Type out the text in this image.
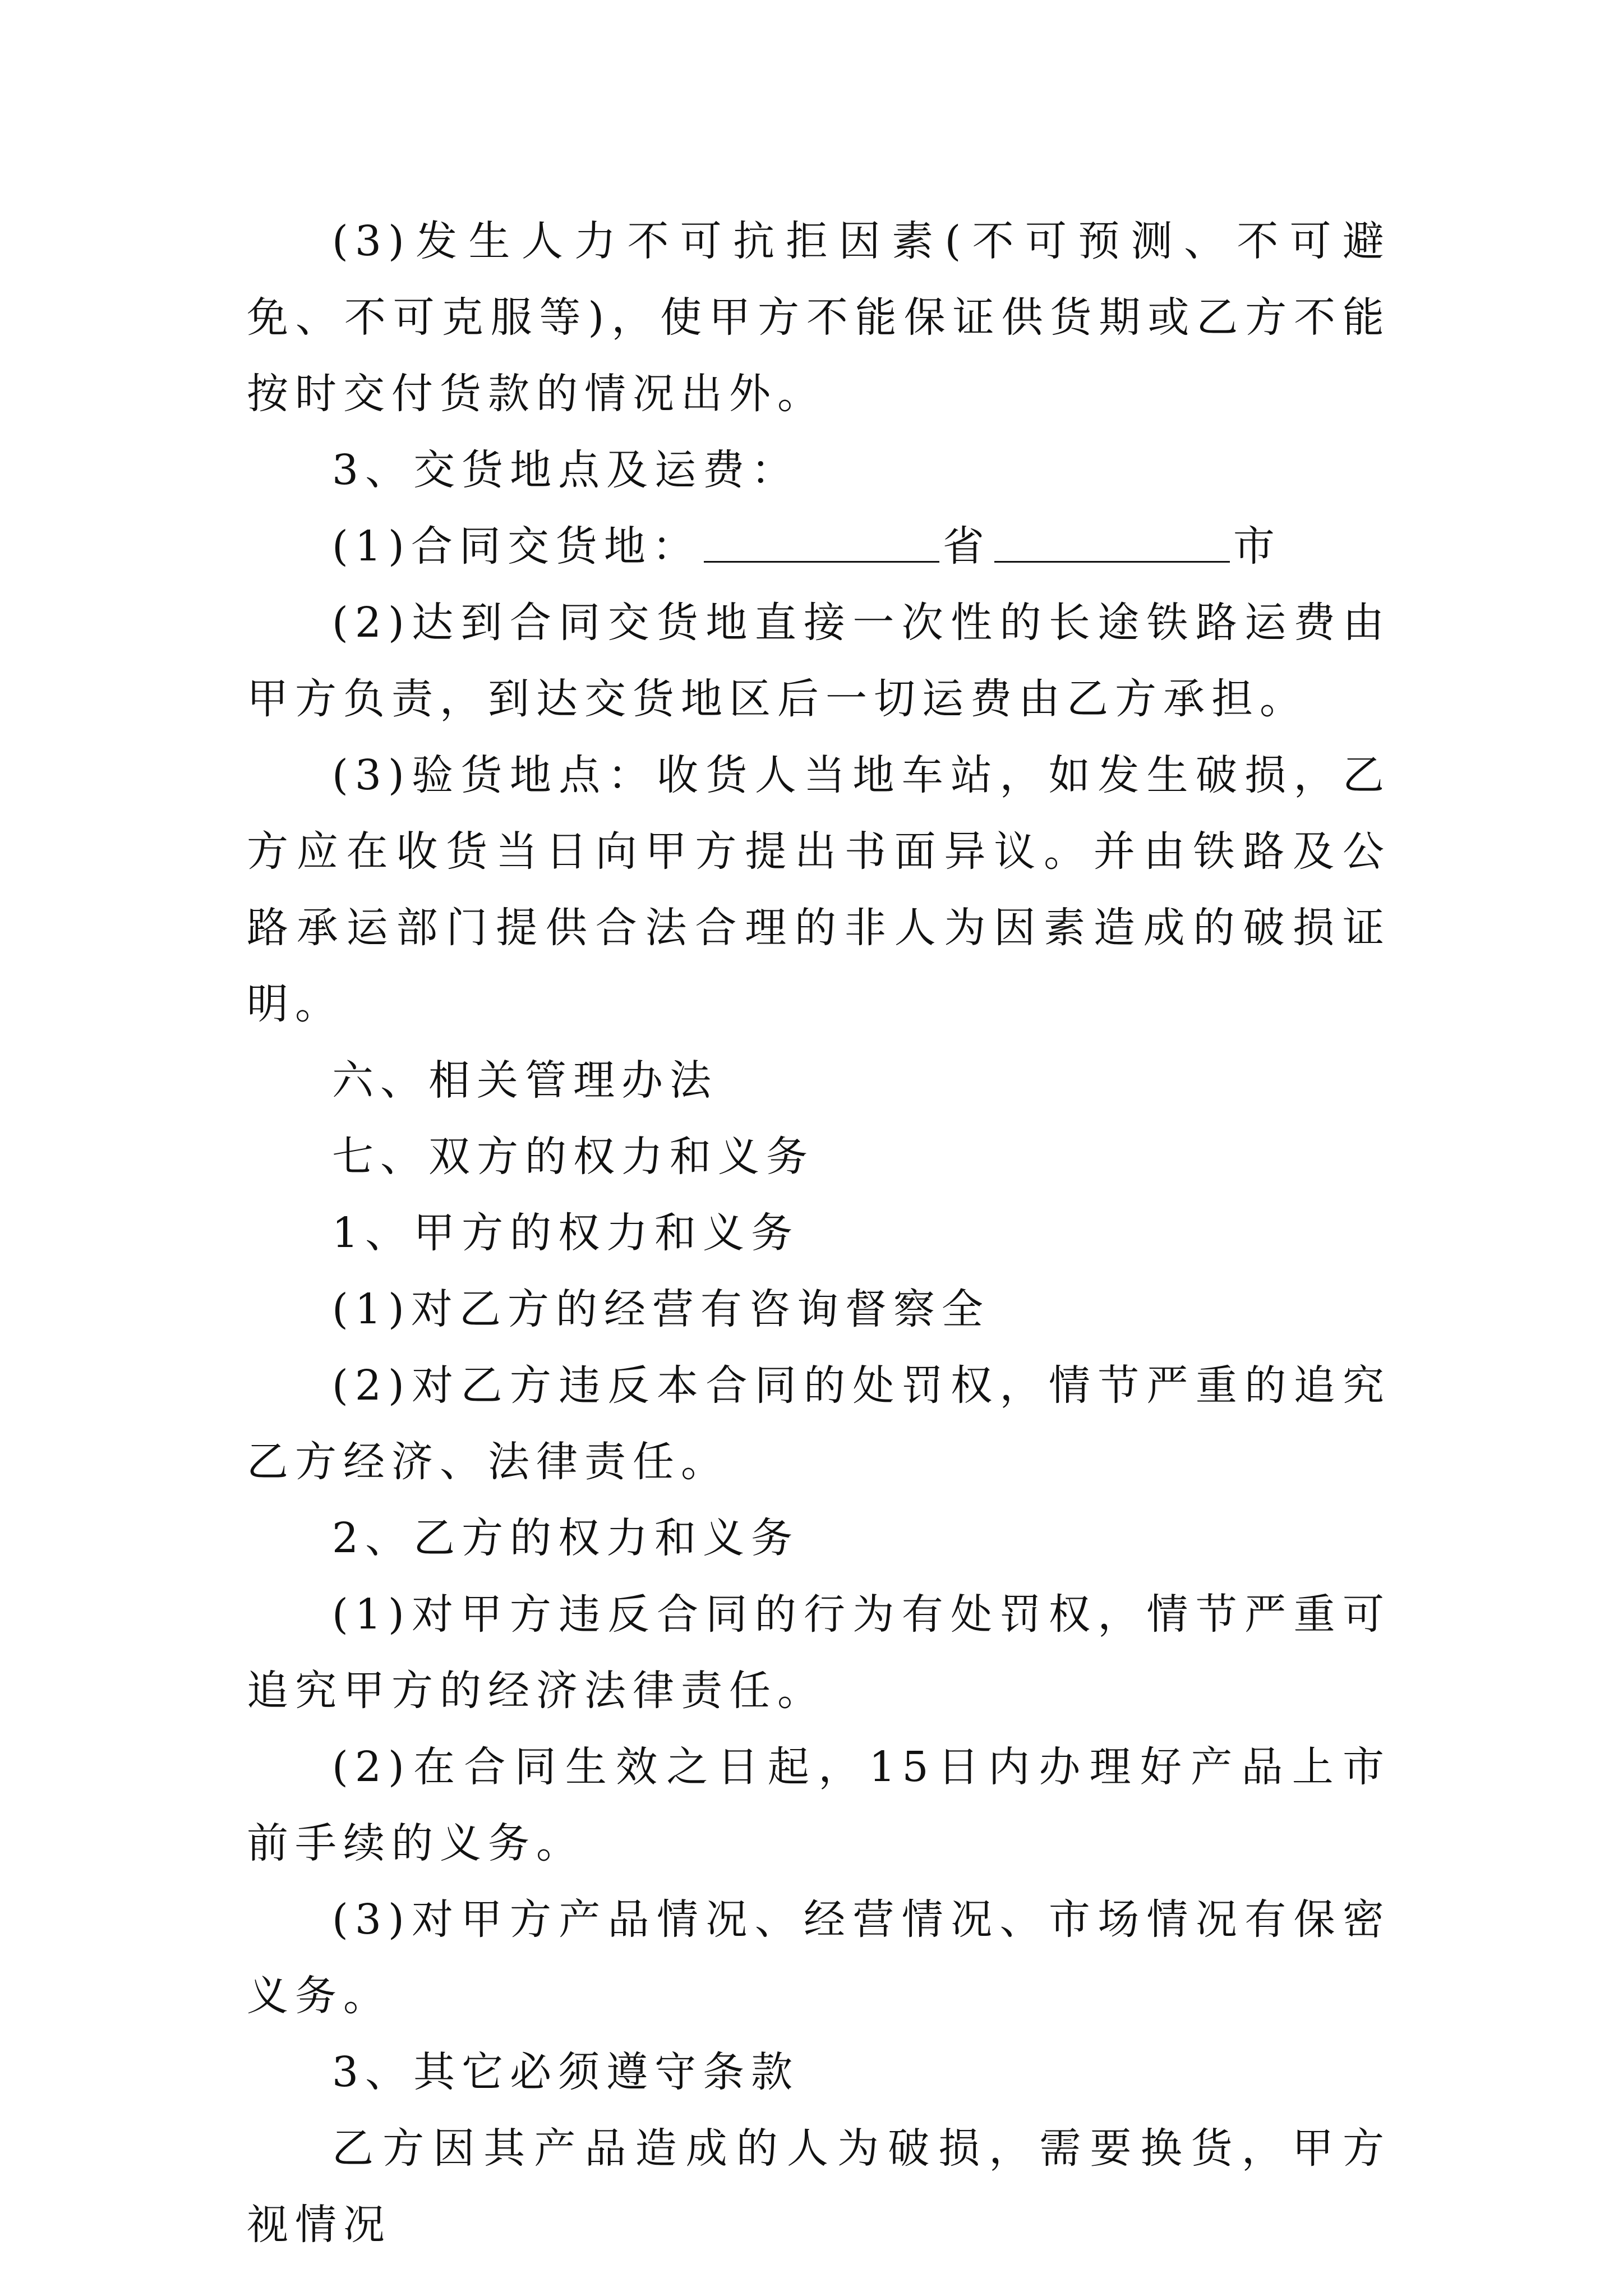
(3)发生人力不可抗拒因素(不可预测、不可避免、不可克服等)，使甲方不能保证供货期或乙方不能按时交付货款的情况出外。

3、交货地点及运费：

(1)合同交货地：	省	市

(2)达到合同交货地直接一次性的长途铁路运费由甲方负责，到达交货地区后一切运费由乙方承担。

(3)验货地点：收货人当地车站，如发生破损，乙方应在收货当日向甲方提出书面异议。并由铁路及公路承运部门提供合法合理的非人为因素造成的破损证明。

六、相关管理办法

七、双方的权力和义务

1、甲方的权力和义务

(1)对乙方的经营有咨询督察全

(2)对乙方违反本合同的处罚权，情节严重的追究乙方经济、法律责任。

2、乙方的权力和义务

(1)对甲方违反合同的行为有处罚权，情节严重可追究甲方的经济法律责任。

(2)在合同生效之日起，15日内办理好产品上市前手续的义务。

(3)对甲方产品情况、经营情况、市场情况有保密义务。

3、其它必须遵守条款

乙方因其产品造成的人为破损，需要换货，甲方视情况
